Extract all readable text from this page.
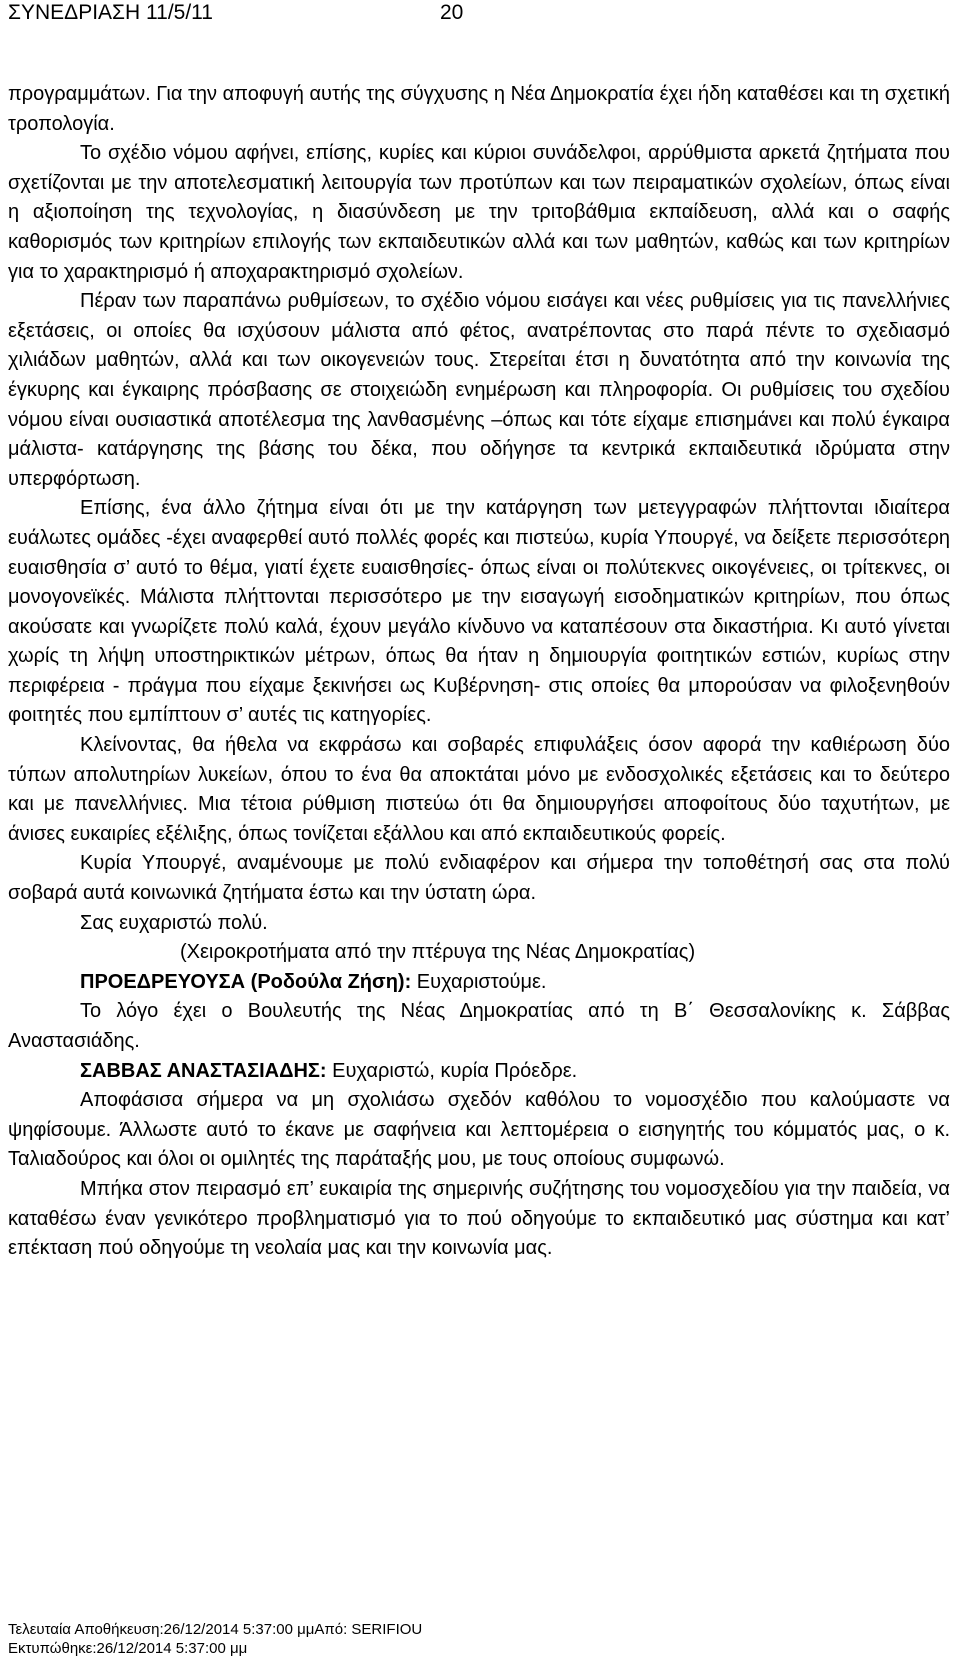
ΣΥΝΕΔΡΙΑΣΗ 11/5/11	20

προγραμμάτων. Για την αποφυγή αυτής της σύγχυσης η Νέα Δημοκρατία έχει ήδη καταθέσει και τη σχετική τροπολογία.

Το σχέδιο νόμου αφήνει, επίσης, κυρίες και κύριοι συνάδελφοι, αρρύθμιστα αρκετά ζητήματα που σχετίζονται με την αποτελεσματική λειτουργία των προτύπων και των πειραματικών σχολείων, όπως είναι η αξιοποίηση της τεχνολογίας, η διασύνδεση με την τριτοβάθμια εκπαίδευση, αλλά και ο σαφής καθορισμός των κριτηρίων επιλογής των εκπαιδευτικών αλλά και των μαθητών, καθώς και των κριτηρίων για το χαρακτηρισμό ή αποχαρακτηρισμό σχολείων.

Πέραν των παραπάνω ρυθμίσεων, το σχέδιο νόμου εισάγει και νέες ρυθμίσεις για τις πανελλήνιες εξετάσεις, οι οποίες θα ισχύσουν μάλιστα από φέτος, ανατρέποντας στο παρά πέντε το σχεδιασμό χιλιάδων μαθητών, αλλά και των οικογενειών τους. Στερείται έτσι η δυνατότητα από την κοινωνία της έγκυρης και έγκαιρης πρόσβασης σε στοιχειώδη ενημέρωση και πληροφορία. Οι ρυθμίσεις του σχεδίου νόμου είναι ουσιαστικά αποτέλεσμα της λανθασμένης –όπως και τότε είχαμε επισημάνει και πολύ έγκαιρα μάλιστα- κατάργησης της βάσης του δέκα, που οδήγησε τα κεντρικά εκπαιδευτικά ιδρύματα στην υπερφόρτωση.

Επίσης, ένα άλλο ζήτημα είναι ότι με την κατάργηση των μετεγγραφών πλήττονται ιδιαίτερα ευάλωτες ομάδες -έχει αναφερθεί αυτό πολλές φορές και πιστεύω, κυρία Υπουργέ, να δείξετε περισσότερη ευαισθησία σ’ αυτό το θέμα, γιατί έχετε ευαισθησίες- όπως είναι οι πολύτεκνες οικογένειες, οι τρίτεκνες, οι μονογονεϊκές. Μάλιστα πλήττονται περισσότερο με την εισαγωγή εισοδηματικών κριτηρίων, που όπως ακούσατε και γνωρίζετε πολύ καλά, έχουν μεγάλο κίνδυνο να καταπέσουν στα δικαστήρια. Κι αυτό γίνεται χωρίς τη λήψη υποστηρικτικών μέτρων, όπως θα ήταν η δημιουργία φοιτητικών εστιών, κυρίως στην περιφέρεια - πράγμα που είχαμε ξεκινήσει ως Κυβέρνηση- στις οποίες θα μπορούσαν να φιλοξενηθούν φοιτητές που εμπίπτουν σ’ αυτές τις κατηγορίες.

Κλείνοντας, θα ήθελα να εκφράσω και σοβαρές επιφυλάξεις όσον αφορά την καθιέρωση δύο τύπων απολυτηρίων λυκείων, όπου το ένα θα αποκτάται μόνο με ενδοσχολικές εξετάσεις και το δεύτερο και με πανελλήνιες. Μια τέτοια ρύθμιση πιστεύω ότι θα δημιουργήσει αποφοίτους δύο ταχυτήτων, με άνισες ευκαιρίες εξέλιξης, όπως τονίζεται εξάλλου και από εκπαιδευτικούς φορείς.

Κυρία Υπουργέ, αναμένουμε με πολύ ενδιαφέρον και σήμερα την τοποθέτησή σας στα πολύ σοβαρά αυτά κοινωνικά ζητήματα έστω και την ύστατη ώρα.

Σας ευχαριστώ πολύ.

(Χειροκροτήματα από την πτέρυγα της Νέας Δημοκρατίας)

ΠΡΟΕΔΡΕΥΟΥΣΑ (Ροδούλα Ζήση): Ευχαριστούμε.

Το λόγο έχει ο Βουλευτής της Νέας Δημοκρατίας από τη Β΄ Θεσσαλονίκης κ. Σάββας Αναστασιάδης.

ΣΑΒΒΑΣ ΑΝΑΣΤΑΣΙΑΔΗΣ: Ευχαριστώ, κυρία Πρόεδρε.

Αποφάσισα σήμερα να μη σχολιάσω σχεδόν καθόλου το νομοσχέδιο που καλούμαστε να ψηφίσουμε. Άλλωστε αυτό το έκανε με σαφήνεια και λεπτομέρεια ο εισηγητής του κόμματός μας, ο κ. Ταλιαδούρος και όλοι οι ομιλητές της παράταξής μου, με τους οποίους συμφωνώ.

Μπήκα στον πειρασμό επ’ ευκαιρία της σημερινής συζήτησης του νομοσχεδίου για την παιδεία, να καταθέσω έναν γενικότερο προβληματισμό για το πού οδηγούμε το εκπαιδευτικό μας σύστημα και κατ’ επέκταση πού οδηγούμε τη νεολαία μας και την κοινωνία μας.

Τελευταία Αποθήκευση:26/12/2014 5:37:00 μμΑπό: SERIFIOU
Εκτυπώθηκε:26/12/2014 5:37:00 μμ
